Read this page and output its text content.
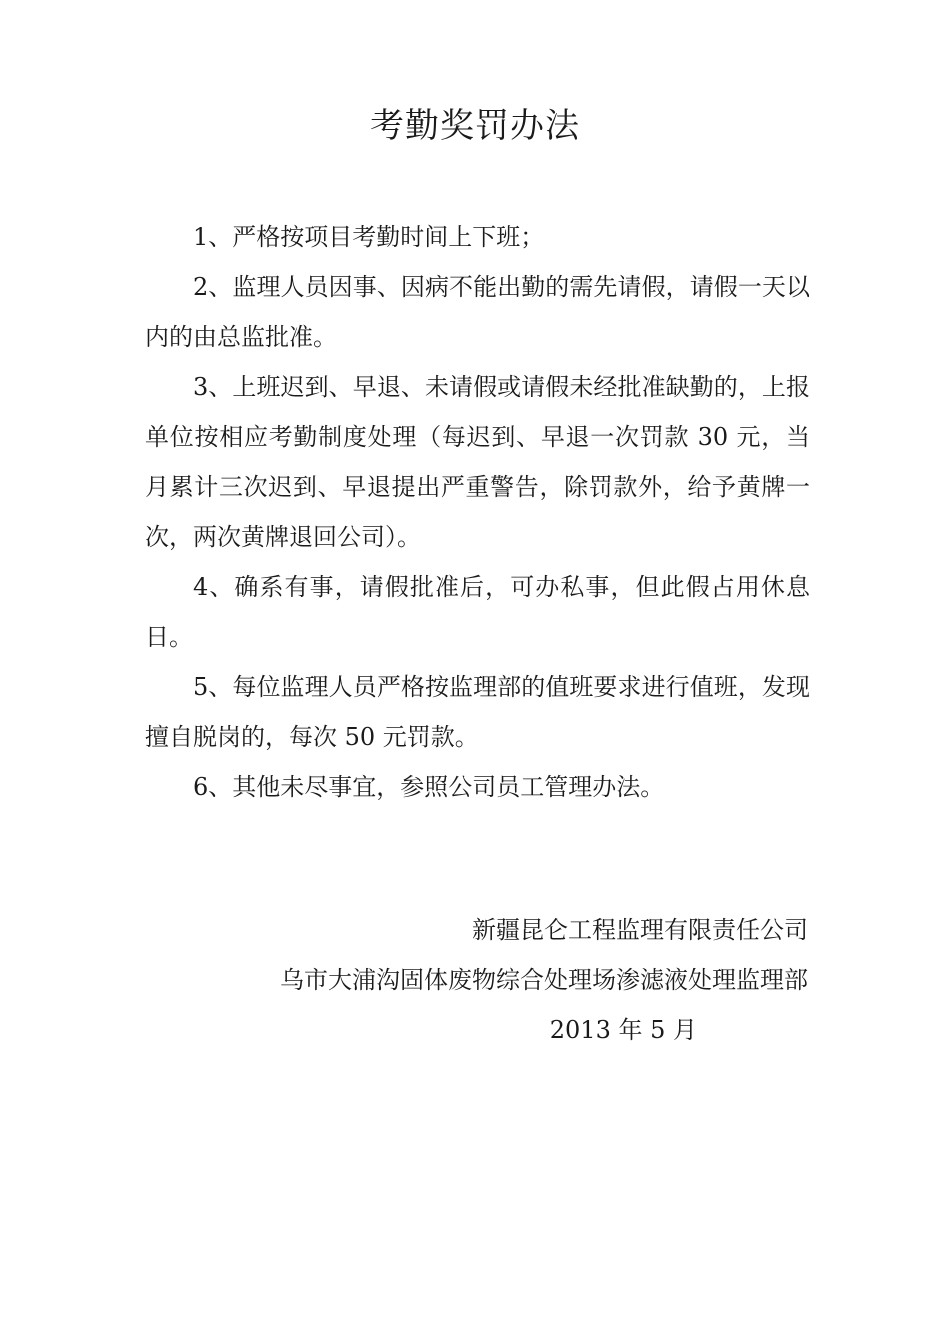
考勤奖罚办法

1、严格按项目考勤时间上下班；

2、监理人员因事、因病不能出勤的需先请假，请假一天以内的由总监批准。

3、上班迟到、早退、未请假或请假未经批准缺勤的，上报单位按相应考勤制度处理（每迟到、早退一次罚款 30 元，当月累计三次迟到、早退提出严重警告，除罚款外，给予黄牌一次，两次黄牌退回公司）。

4、确系有事，请假批准后，可办私事，但此假占用休息日。

5、每位监理人员严格按监理部的值班要求进行值班，发现擅自脱岗的，每次 50 元罚款。

6、其他未尽事宜，参照公司员工管理办法。

新疆昆仑工程监理有限责任公司
乌市大浦沟固体废物综合处理场渗滤液处理监理部
2013 年 5 月
